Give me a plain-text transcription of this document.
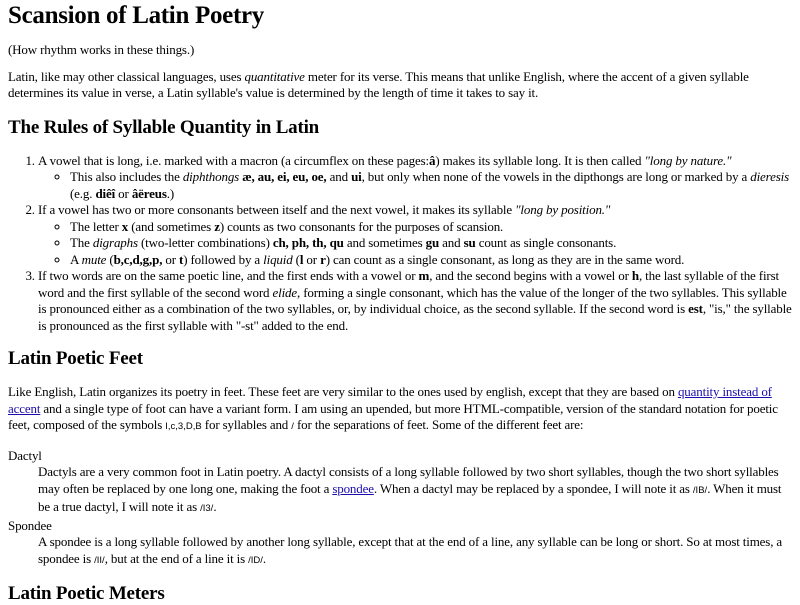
Scansion of Latin Poetry

(How rhythm works in these things.)

Latin, like may other classical languages, uses quantitative meter for its verse. This means that unlike English, where the accent of a given syllable determines its value in verse, a Latin syllable's value is determined by the length of time it takes to say it.

The Rules of Syllable Quantity in Latin
1. A vowel that is long, i.e. marked with a macron (a circumflex on these pages:â) makes its syllable long. It is then called "long by nature."
◦ This also includes the diphthongs æ, au, ei, eu, oe, and ui, but only when none of the vowels in the dipthongs are long or marked by a dieresis (e.g. diêî or âëreus.)
2. If a vowel has two or more consonants between itself and the next vowel, it makes its syllable "long by position."
◦ The letter x (and sometimes z) counts as two consonants for the purposes of scansion.
◦ The digraphs (two-letter combinations) ch, ph, th, qu and sometimes gu and su count as single consonants.
◦ A mute (b,c,d,g,p, or t) followed by a liquid (l or r) can count as a single consonant, as long as they are in the same word.
3. If two words are on the same poetic line, and the first ends with a vowel or m, and the second begins with a vowel or h, the last syllable of the first word and the first syllable of the second word elide, forming a single consonant, which has the value of the longer of the two syllables. This syllable is pronounced either as a combination of the two syllables, or, by individual choice, as the second syllable. If the second word is est, "is," the syllable is pronounced as the first syllable with "-st" added to the end.
Latin Poetic Feet

Like English, Latin organizes its poetry in feet. These feet are very similar to the ones used by english, except that they are based on quantity instead of accent and a single type of foot can have a variant form. I am using an upended, but more HTML-compatible, version of the standard notation for poetic feet, composed of the symbols I,c,3,D,B for syllables and / for the separations of feet. Some of the different feet are:

Dactyl
Dactyls are a very common foot in Latin poetry. A dactyl consists of a long syllable followed by two short syllables, though the two short syllables may often be replaced by one long one, making the foot a spondee. When a dactyl may be replaced by a spondee, I will note it as /IB/. When it must be a true dactyl, I will note it as /I3/.
Spondee
A spondee is a long syllable followed by another long syllable, except that at the end of a line, any syllable can be long or short. So at most times, a spondee is /II/, but at the end of a line it is /ID/.
Latin Poetic Meters
